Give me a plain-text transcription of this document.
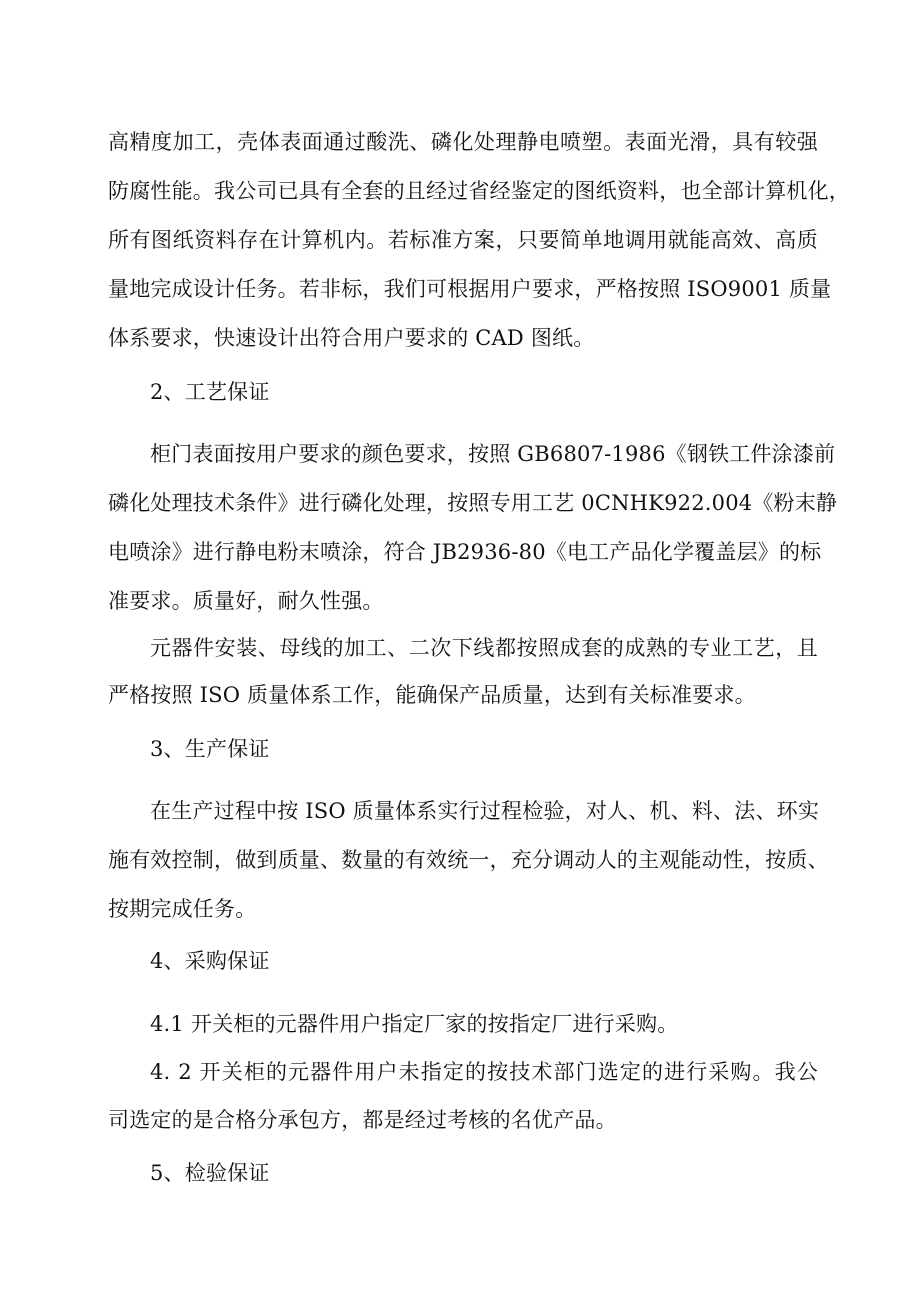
高精度加工，壳体表面通过酸洗、磷化处理静电喷塑。表面光滑，具有较强
防腐性能。我公司已具有全套的且经过省经鉴定的图纸资料，也全部计算机化，
所有图纸资料存在计算机内。若标准方案，只要简单地调用就能高效、高质
量地完成设计任务。若非标，我们可根据用户要求，严格按照 ISO9001 质量
体系要求，快速设计出符合用户要求的 CAD 图纸。
2、工艺保证
柜门表面按用户要求的颜色要求，按照 GB6807-1986《钢铁工件涂漆前
磷化处理技术条件》进行磷化处理，按照专用工艺 0CNHK922.004《粉末静
电喷涂》进行静电粉末喷涂，符合 JB2936-80《电工产品化学覆盖层》的标
准要求。质量好，耐久性强。
元器件安装、母线的加工、二次下线都按照成套的成熟的专业工艺，且
严格按照 ISO 质量体系工作，能确保产品质量，达到有关标准要求。
3、生产保证
在生产过程中按 ISO 质量体系实行过程检验，对人、机、料、法、环实
施有效控制，做到质量、数量的有效统一，充分调动人的主观能动性，按质、
按期完成任务。
4、采购保证
4.1 开关柜的元器件用户指定厂家的按指定厂进行采购。
4. 2 开关柜的元器件用户未指定的按技术部门选定的进行采购。我公
司选定的是合格分承包方，都是经过考核的名优产品。
5、检验保证
